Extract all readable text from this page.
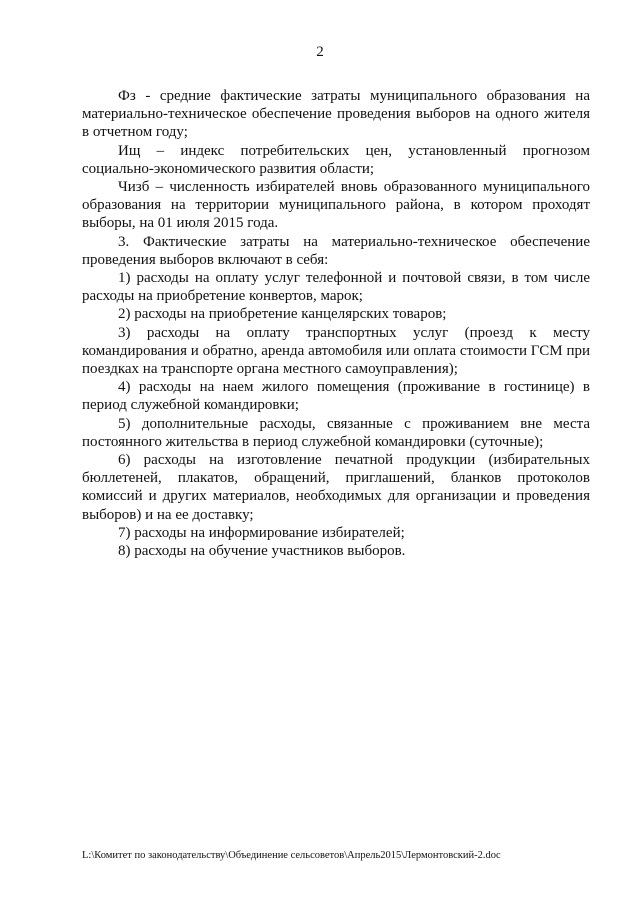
2

Фз - средние фактические затраты муниципального образования на материально-техническое обеспечение проведения выборов на одного жителя в отчетном году;

Ищ – индекс потребительских цен, установленный прогнозом социально-экономического развития области;

Чизб – численность избирателей вновь образованного муниципального образования на территории муниципального района, в котором проходят выборы, на 01 июля 2015 года.

3. Фактические затраты на материально-техническое обеспечение проведения выборов включают в себя:

1) расходы на оплату услуг телефонной и почтовой связи, в том числе расходы на приобретение конвертов, марок;

2) расходы на приобретение канцелярских товаров;

3) расходы на оплату транспортных услуг (проезд к месту командирования и обратно, аренда автомобиля или оплата стоимости ГСМ при поездках на транспорте органа местного самоуправления);

4) расходы на наем жилого помещения (проживание в гостинице) в период служебной командировки;

5) дополнительные расходы, связанные с проживанием вне места постоянного жительства в период служебной командировки (суточные);

6) расходы на изготовление печатной продукции (избирательных бюллетеней, плакатов, обращений, приглашений, бланков протоколов комиссий и других материалов, необходимых для организации и проведения выборов) и на ее доставку;

7) расходы на информирование избирателей;

8) расходы на обучение участников выборов.

L:\Комитет по законодательству\Объединение сельсоветов\Апрель2015\Лермонтовский-2.doc
